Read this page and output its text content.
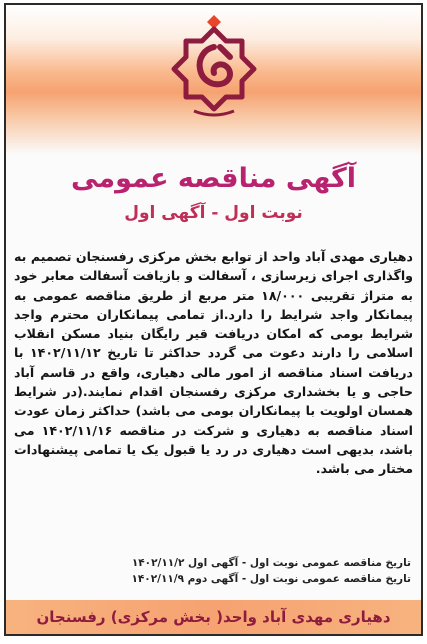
آگهی مناقصه عمومی
نوبت اول - آگهی اول
دهیاری مهدی آباد واحد از توابع بخش مرکزی رفسنجان تصمیم به واگذاری اجرای زیرسازی ، آسفالت و بازیافت آسفالت معابر خود به متراژ تقریبی ۱۸/۰۰۰ متر مربع از طریق مناقصه عمومی به پیمانکار واجد شرایط را دارد.از تمامی پیمانکاران محترم واجد شرایط بومی که امکان دریافت قیر رایگان بنیاد مسکن انقلاب اسلامی را دارند دعوت می گردد حداکثر تا تاریخ ۱۴۰۲/۱۱/۱۲ با دریافت اسناد مناقصه از امور مالی دهیاری، واقع در قاسم آباد حاجی و یا بخشداری مرکزی رفسنجان اقدام نمایند.(در شرایط همسان اولویت با پیمانکاران بومی می باشد) حداکثر زمان عودت اسناد مناقصه به دهیاری و شرکت در مناقصه ۱۴۰۲/۱۱/۱۶ می باشد، بدیهی است دهیاری در رد یا قبول یک یا تمامی پیشنهادات مختار می باشد.
تاریخ مناقصه عمومی نوبت اول - آگهی اول ۱۴۰۲/۱۱/۲
تاریخ مناقصه عمومی نوبت اول - آگهی دوم ۱۴۰۲/۱۱/۹
دهیاری مهدی آباد واحد( بخش مرکزی) رفسنجان
